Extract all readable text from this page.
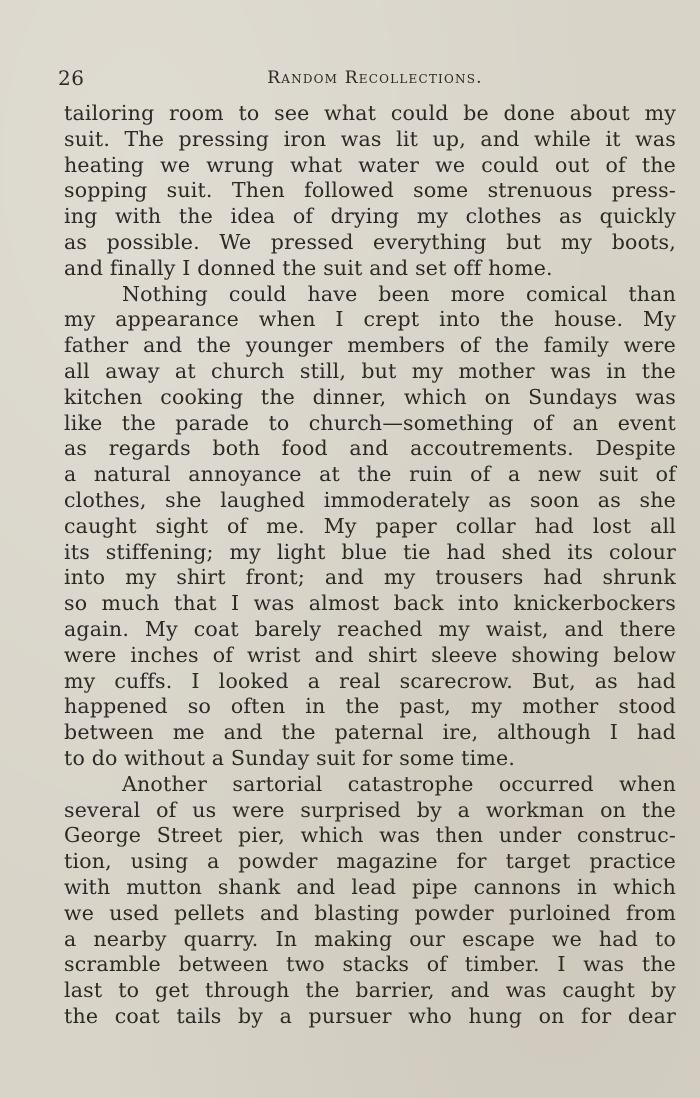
26	Random Recollections.
tailoring room to see what could be done about my
suit. The pressing iron was lit up, and while it was
heating we wrung what water we could out of the
sopping suit. Then followed some strenuous press-
ing with the idea of drying my clothes as quickly
as possible. We pressed everything but my boots,
and finally I donned the suit and set off home.
Nothing could have been more comical than
my appearance when I crept into the house. My
father and the younger members of the family were
all away at church still, but my mother was in the
kitchen cooking the dinner, which on Sundays was
like the parade to church—something of an event
as regards both food and accoutrements. Despite
a natural annoyance at the ruin of a new suit of
clothes, she laughed immoderately as soon as she
caught sight of me. My paper collar had lost all
its stiffening; my light blue tie had shed its colour
into my shirt front; and my trousers had shrunk
so much that I was almost back into knickerbockers
again. My coat barely reached my waist, and there
were inches of wrist and shirt sleeve showing below
my cuffs. I looked a real scarecrow. But, as had
happened so often in the past, my mother stood
between me and the paternal ire, although I had
to do without a Sunday suit for some time.
Another sartorial catastrophe occurred when
several of us were surprised by a workman on the
George Street pier, which was then under construc-
tion, using a powder magazine for target practice
with mutton shank and lead pipe cannons in which
we used pellets and blasting powder purloined from
a nearby quarry. In making our escape we had to
scramble between two stacks of timber. I was the
last to get through the barrier, and was caught by
the coat tails by a pursuer who hung on for dear
